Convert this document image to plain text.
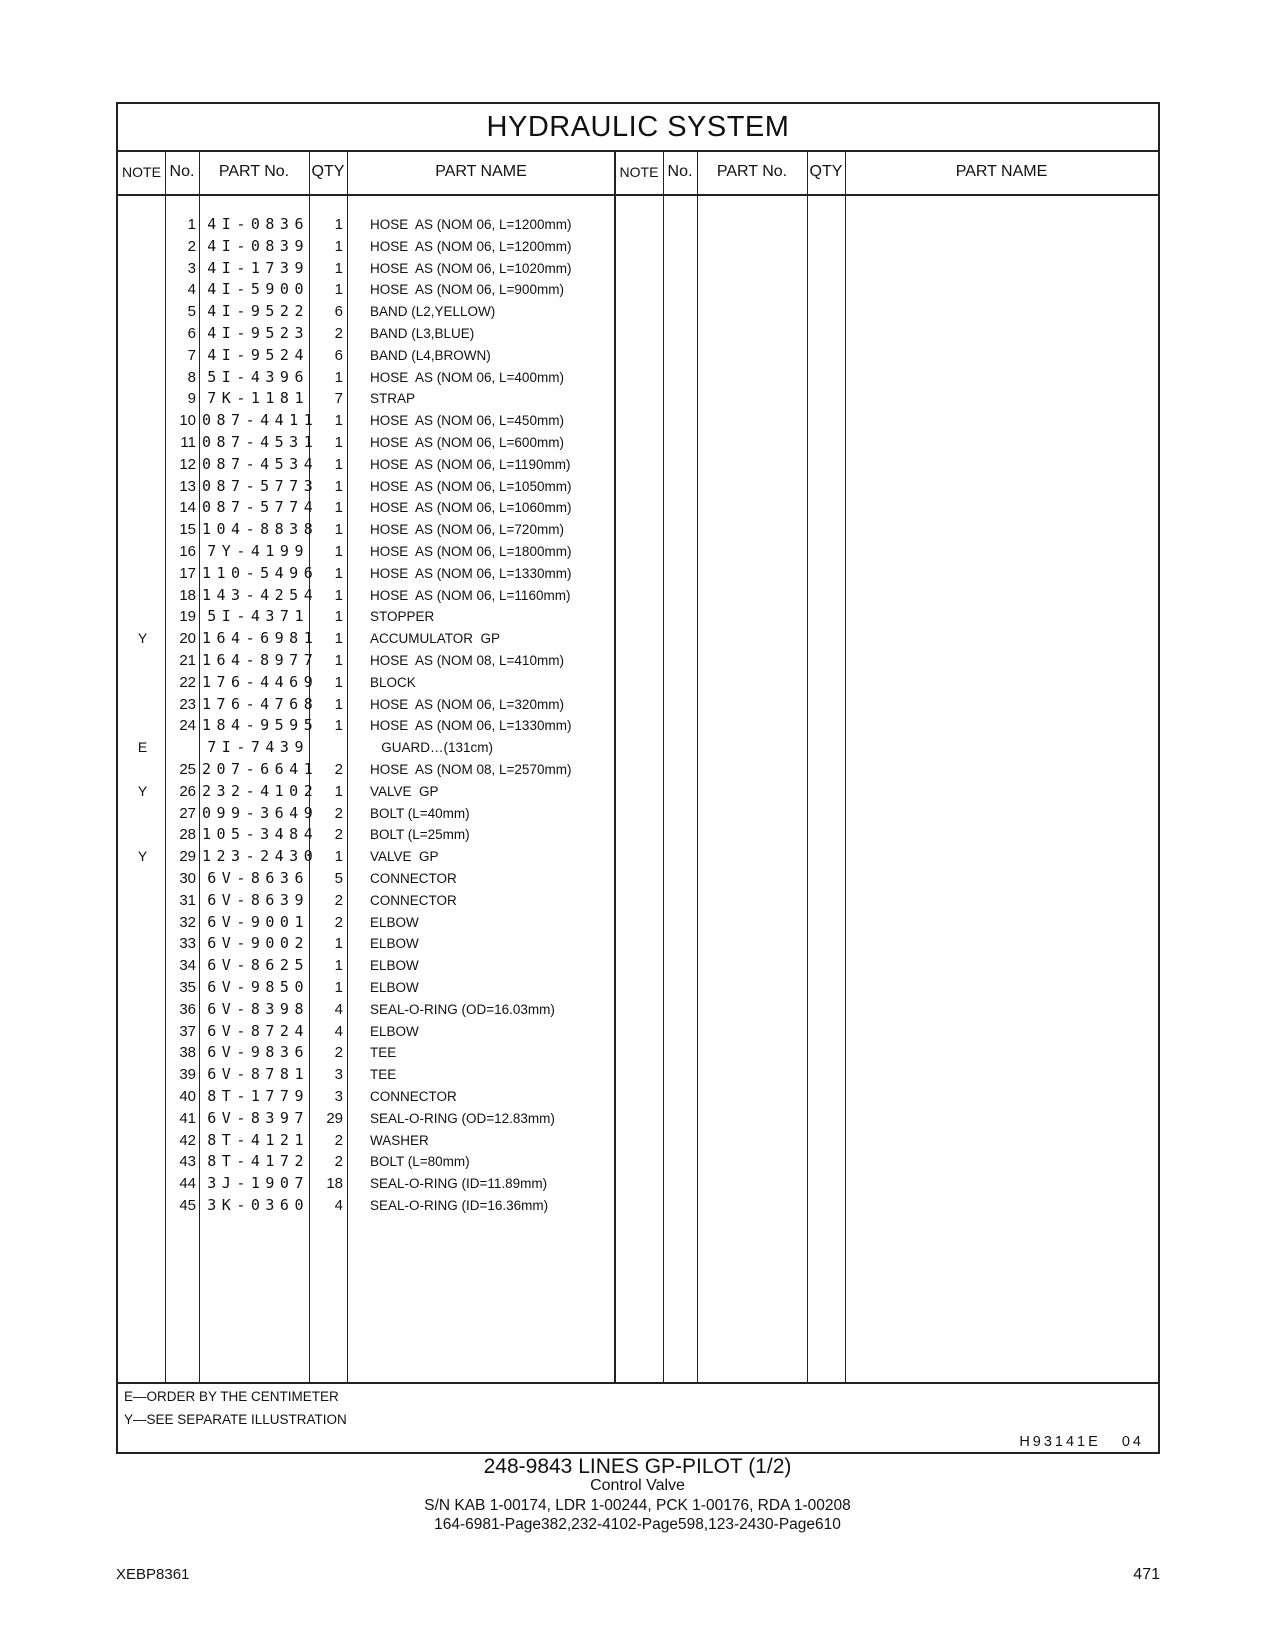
HYDRAULIC SYSTEM
NOTE No.	PART No.	QTY	PART NAME	NOTE No.	PART No.	QTY	PART NAME
1 4I-0836	1 HOSE  AS (NOM 06, L=1200mm)
2 4I-0839	1 HOSE  AS (NOM 06, L=1200mm)
3 4I-1739	1 HOSE  AS (NOM 06, L=1020mm)
4 4I-5900	1 HOSE  AS (NOM 06, L=900mm)
5 4I-9522	6 BAND (L2,YELLOW)
6 4I-9523	2 BAND (L3,BLUE)
7 4I-9524	6 BAND (L4,BROWN)
8 5I-4396	1 HOSE  AS (NOM 06, L=400mm)
9 7K-1181	7 STRAP
10 087-4411	1 HOSE  AS (NOM 06, L=450mm)
11 087-4531	1 HOSE  AS (NOM 06, L=600mm)
12 087-4534	1 HOSE  AS (NOM 06, L=1190mm)
13 087-5773	1 HOSE  AS (NOM 06, L=1050mm)
14 087-5774	1 HOSE  AS (NOM 06, L=1060mm)
15 104-8838	1 HOSE  AS (NOM 06, L=720mm)
16 7Y-4199	1 HOSE  AS (NOM 06, L=1800mm)
17 110-5496	1 HOSE  AS (NOM 06, L=1330mm)
18 143-4254	1 HOSE  AS (NOM 06, L=1160mm)
19 5I-4371	1 STOPPER
Y	20 164-6981	1 ACCUMULATOR  GP
21 164-8977	1 HOSE  AS (NOM 08, L=410mm)
22 176-4469	1 BLOCK
23 176-4768	1 HOSE  AS (NOM 06, L=320mm)
24 184-9595	1 HOSE  AS (NOM 06, L=1330mm)
E	7I-7439	GUARD…(131cm)
25 207-6641	2 HOSE  AS (NOM 08, L=2570mm)
Y	26 232-4102	1 VALVE  GP
27 099-3649	2 BOLT (L=40mm)
28 105-3484	2 BOLT (L=25mm)
Y	29 123-2430	1 VALVE  GP
30 6V-8636	5 CONNECTOR
31 6V-8639	2 CONNECTOR
32 6V-9001	2 ELBOW
33 6V-9002	1 ELBOW
34 6V-8625	1 ELBOW
35 6V-9850	1 ELBOW
36 6V-8398	4 SEAL-O-RING (OD=16.03mm)
37 6V-8724	4 ELBOW
38 6V-9836	2 TEE
39 6V-8781	3 TEE
40 8T-1779	3 CONNECTOR
41 6V-8397	29 SEAL-O-RING (OD=12.83mm)
42 8T-4121	2 WASHER
43 8T-4172	2 BOLT (L=80mm)
44 3J-1907	18 SEAL-O-RING (ID=11.89mm)
45 3K-0360	4 SEAL-O-RING (ID=16.36mm)
E—ORDER BY THE CENTIMETER
Y—SEE SEPARATE ILLUSTRATION
H93141E   04
248-9843 LINES GP-PILOT (1/2)
Control Valve
S/N KAB 1-00174, LDR 1-00244, PCK 1-00176, RDA 1-00208
164-6981-Page382,232-4102-Page598,123-2430-Page610
XEBP8361	471
